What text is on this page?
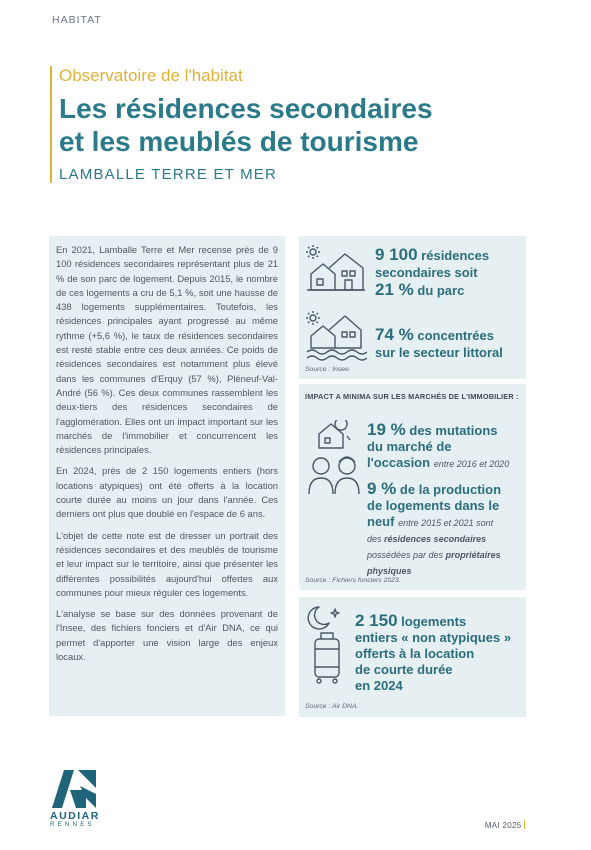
HABITAT
Observatoire de l'habitat
Les résidences secondaires
et les meublés de tourisme
LAMBALLE TERRE ET MER

En 2021, Lamballe Terre et Mer recense près de 9 100 résidences secondaires représentant plus de 21 % de son parc de logement. Depuis 2015, le nombre de ces logements a cru de 5,1 %, soit une hausse de 438 logements supplémentaires. Toutefois, les résidences principales ayant progressé au même rythme (+5,6 %), le taux de résidences secondaires est resté stable entre ces deux années. Ce poids de résidences secondaires est notamment plus élevé dans les communes d'Erquy (57 %), Pléneuf-Val-André (56 %). Ces deux communes rassemblent les deux-tiers des résidences secondaires de l'agglomération. Elles ont un impact important sur les marchés de l'immobilier et concurrencent les résidences principales.

En 2024, près de 2 150 logements entiers (hors locations atypiques) ont été offerts à la location courte durée au moins un jour dans l'année. Ces derniers ont plus que doublé en l'espace de 6 ans.

L'objet de cette note est de dresser un portrait des résidences secondaires et des meublés de tourisme et leur impact sur le territoire, ainsi que présenter les différentes possibilités aujourd'hui offertes aux communes pour mieux réguler ces logements.

L'analyse se base sur des données provenant de l'Insee, des fichiers fonciers et d'Air DNA, ce qui permet d'apporter une vision large des enjeux locaux.

9 100 résidences
secondaires soit
21 % du parc
74 % concentrées
sur le secteur littoral
Source : Insee.
IMPACT A MINIMA SUR LES MARCHÉS DE L'IMMOBILIER :
19 % des mutations
du marché de
l'occasion entre 2016 et 2020
9 % de la production
de logements dans le
neuf entre 2015 et 2021 sont
des résidences secondaires
possédées par des propriétaires
physiques
Source : Fichiers fonciers 2023.
2 150 logements
entiers « non atypiques »
offerts à la location
de courte durée
en 2024
Source : Air DNA.
AUDIAR
RENNES	MAI 2025
